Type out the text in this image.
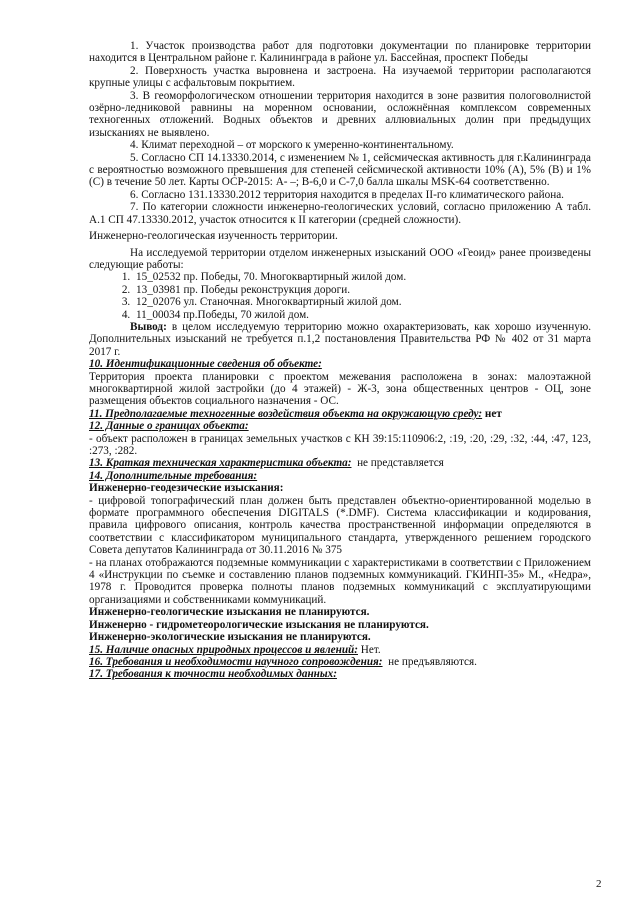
1. Участок производства работ для подготовки документации по планировке территории находится в Центральном районе г. Калининграда в районе ул. Бассейная, проспект Победы

2. Поверхность участка выровнена и застроена. На изучаемой территории располагаются крупные улицы с асфальтовым покрытием.

3. В геоморфологическом отношении территория находится в зоне развития пологоволнистой озёрно-ледниковой равнины на моренном основании, осложнённая комплексом современных техногенных отложений. Водных объектов и древних аллювиальных долин при предыдущих изысканиях не выявлено.

4. Климат переходной – от морского к умеренно-континентальному.

5. Согласно СП 14.13330.2014, с изменением № 1, сейсмическая активность для г.Калининграда с вероятностью возможного превышения для степеней сейсмической активности 10% (А), 5% (В) и 1% (С) в течение 50 лет. Карты ОСР-2015: А- –; В-6,0 и С-7,0 балла шкалы MSK-64 соответственно.

6. Согласно 131.13330.2012 территория находится в пределах II-го климатического района.

7. По категории сложности инженерно-геологических условий, согласно приложению А табл. А.1 СП 47.13330.2012, участок относится к II категории (средней сложности).

Инженерно-геологическая изученность территории.

На исследуемой территории отделом инженерных изысканий ООО «Геоид» ранее произведены следующие работы:

1. 15_02532 пр. Победы, 70. Многоквартирный жилой дом.
2. 13_03981 пр. Победы реконструкция дороги.
3. 12_02076 ул. Станочная. Многоквартирный жилой дом.
4. 11_00034 пр.Победы, 70 жилой дом.

Вывод: в целом исследуемую территорию можно охарактеризовать, как хорошо изученную. Дополнительных изысканий не требуется п.1,2 постановления Правительства РФ № 402 от 31 марта 2017 г.

10. Идентификационные сведения об объекте:

Территория проекта планировки с проектом межевания расположена в зонах: малоэтажной многоквартирной жилой застройки (до 4 этажей) - Ж-3, зона общественных центров - ОЦ, зоне размещения объектов социального назначения - ОС.

11. Предполагаемые техногенные воздействия объекта на окружающую среду: нет

12. Данные о границах объекта:

- объект расположен в границах земельных участков с КН 39:15:110906:2, :19, :20, :29, :32, :44, :47, 123, :273, :282.

13. Краткая техническая характеристика объекта: не представляется

14. Дополнительные требования:

Инженерно-геодезические изыскания:

- цифровой топографический план должен быть представлен объектно-ориентированной моделью в формате программного обеспечения DIGITALS (*.DMF). Система классификации и кодирования, правила цифрового описания, контроль качества пространственной информации определяются в соответствии с классификатором муниципального стандарта, утвержденного решением городского Совета депутатов Калининграда от 30.11.2016 № 375

- на планах отображаются подземные коммуникации с характеристиками в соответствии с Приложением 4 «Инструкции по съемке и составлению планов подземных коммуникаций. ГКИНП-35» М., «Недра», 1978 г. Проводится проверка полноты планов подземных коммуникаций с эксплуатирующими организациями и собственниками коммуникаций.

Инженерно-геологические изыскания не планируются.

Инженерно - гидрометеорологические изыскания не планируются.

Инженерно-экологические изыскания не планируются.

15. Наличие опасных природных процессов и явлений: Нет.

16. Требования и необходимости научного сопровождения: не предъявляются.

17. Требования к точности необходимых данных:

2
